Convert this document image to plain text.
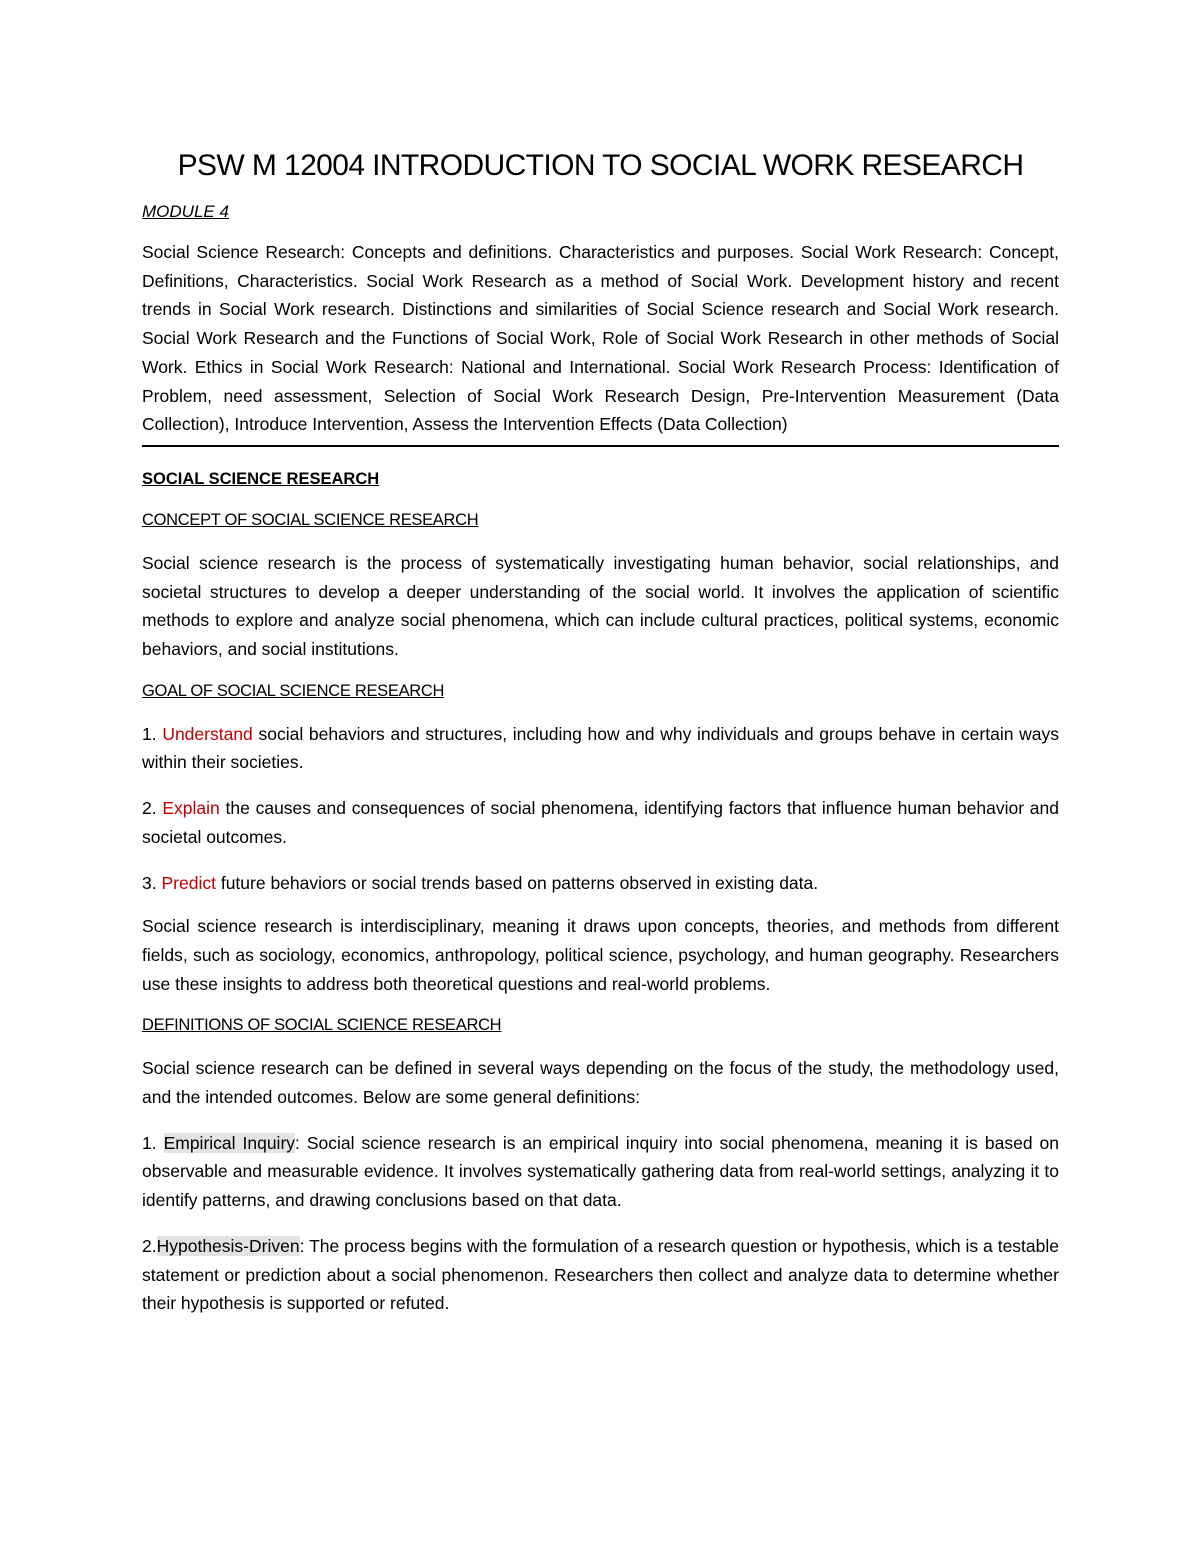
PSW M 12004 INTRODUCTION TO SOCIAL WORK RESEARCH
MODULE 4

Social Science Research: Concepts and definitions. Characteristics and purposes. Social Work Research: Concept, Definitions, Characteristics. Social Work Research as a method of Social Work. Development history and recent trends in Social Work research. Distinctions and similarities of Social Science research and Social Work research. Social Work Research and the Functions of Social Work, Role of Social Work Research in other methods of Social Work. Ethics in Social Work Research: National and International. Social Work Research Process: Identification of Problem, need assessment, Selection of Social Work Research Design, Pre-Intervention Measurement (Data Collection), Introduce Intervention, Assess the Intervention Effects (Data Collection)

SOCIAL SCIENCE RESEARCH
CONCEPT OF SOCIAL SCIENCE RESEARCH

Social science research is the process of systematically investigating human behavior, social relationships, and societal structures to develop a deeper understanding of the social world. It involves the application of scientific methods to explore and analyze social phenomena, which can include cultural practices, political systems, economic behaviors, and social institutions.

GOAL OF SOCIAL SCIENCE RESEARCH

1. Understand social behaviors and structures, including how and why individuals and groups behave in certain ways within their societies.

2. Explain the causes and consequences of social phenomena, identifying factors that influence human behavior and societal outcomes.

3. Predict future behaviors or social trends based on patterns observed in existing data.

Social science research is interdisciplinary, meaning it draws upon concepts, theories, and methods from different fields, such as sociology, economics, anthropology, political science, psychology, and human geography. Researchers use these insights to address both theoretical questions and real-world problems.

DEFINITIONS OF SOCIAL SCIENCE RESEARCH

Social science research can be defined in several ways depending on the focus of the study, the methodology used, and the intended outcomes. Below are some general definitions:

1. Empirical Inquiry: Social science research is an empirical inquiry into social phenomena, meaning it is based on observable and measurable evidence. It involves systematically gathering data from real-world settings, analyzing it to identify patterns, and drawing conclusions based on that data.

2.Hypothesis-Driven: The process begins with the formulation of a research question or hypothesis, which is a testable statement or prediction about a social phenomenon. Researchers then collect and analyze data to determine whether their hypothesis is supported or refuted.
